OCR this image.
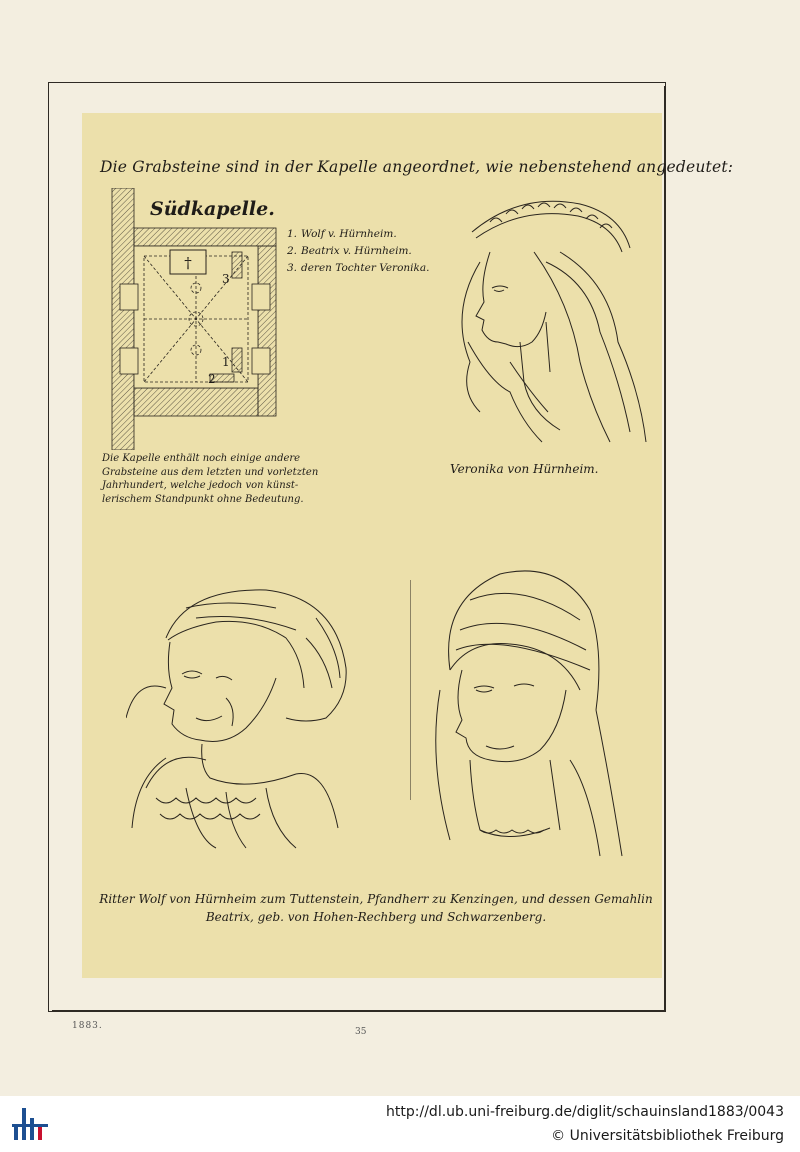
Die Grabsteine sind in der Kapelle angeordnet, wie nebenstehend angedeutet:
†
3
1
2
Südkapelle.
1. Wolf v. Hürnheim.
2. Beatrix v. Hürnheim.
3. deren Tochter Veronika.
Die Kapelle enthält noch einige andere
Grabsteine aus dem letzten und vorletzten
Jahrhundert, welche jedoch von künst-
lerischem Standpunkt ohne Bedeutung.
Veronika von Hürnheim.
Ritter Wolf von Hürnheim zum Tuttenstein, Pfandherr zu Kenzingen, und dessen Gemahlin
Beatrix, geb. von Hohen-Rechberg und Schwarzenberg.
1883.
35
http://dl.ub.uni-freiburg.de/diglit/schauinsland1883/0043
© Universitätsbibliothek Freiburg
